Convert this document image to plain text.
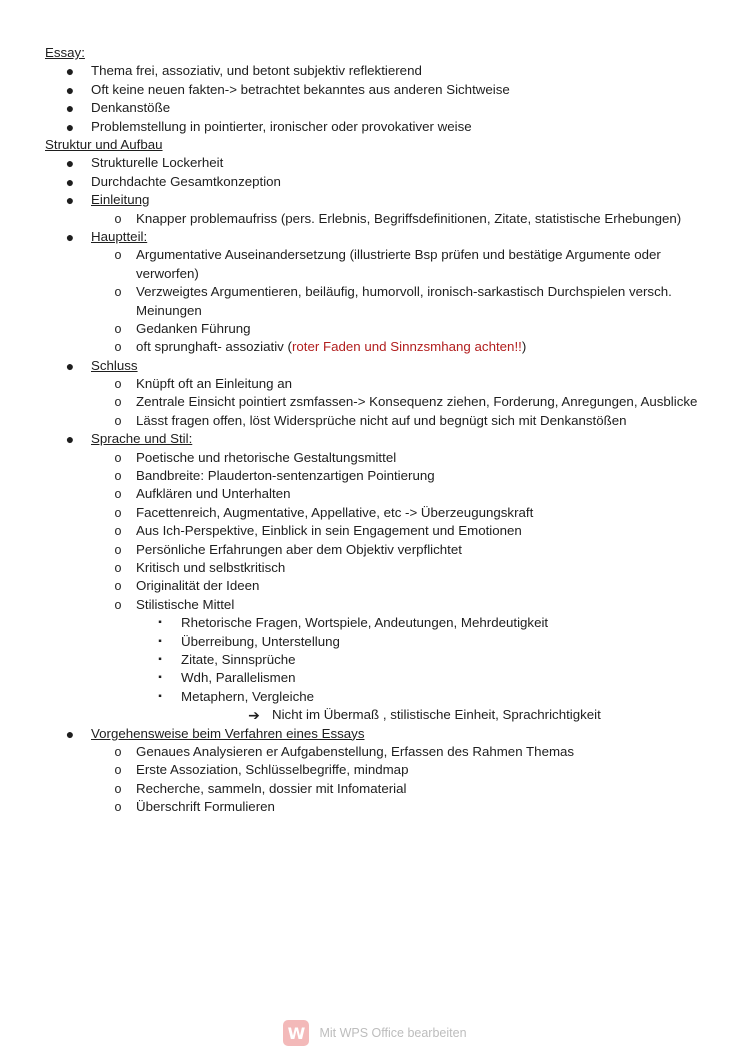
Essay:
●	Thema frei, assoziativ, und betont subjektiv reflektierend
●	Oft keine neuen fakten-> betrachtet bekanntes aus anderen Sichtweise
●	Denkanstöße
●	Problemstellung in pointierter, ironischer oder provokativer weise
Struktur und Aufbau
●	Strukturelle Lockerheit
●	Durchdachte Gesamtkonzeption
●	Einleitung
o	Knapper problemaufriss (pers. Erlebnis, Begriffsdefinitionen, Zitate, statistische Erhebungen)
●	Hauptteil:
o	Argumentative Auseinandersetzung (illustrierte Bsp prüfen und bestätige Argumente oder verworfen)
o	Verzweigtes Argumentieren, beiläufig, humorvoll, ironisch-sarkastisch Durchspielen versch. Meinungen
o	Gedanken Führung
o	oft sprunghaft- assoziativ (roter Faden und Sinnzsmhang achten!!)
●	Schluss
o	Knüpft oft an Einleitung an
o	Zentrale Einsicht pointiert zsmfassen-> Konsequenz ziehen, Forderung, Anregungen, Ausblicke
o	Lässt fragen offen, löst Widersprüche nicht auf und begnügt sich mit Denkanstößen
●	Sprache und Stil:
o	Poetische und rhetorische Gestaltungsmittel
o	Bandbreite: Plauderton-sentenzartigen Pointierung
o	Aufklären und Unterhalten
o	Facettenreich, Augmentative, Appellative, etc -> Überzeugungskraft
o	Aus Ich-Perspektive, Einblick in sein Engagement und Emotionen
o	Persönliche Erfahrungen aber dem Objektiv verpflichtet
o	Kritisch und selbstkritisch
o	Originalität der Ideen
o	Stilistische Mittel
▪	Rhetorische Fragen, Wortspiele, Andeutungen, Mehrdeutigkeit
▪	Überreibung, Unterstellung
▪	Zitate, Sinnsprüche
▪	Wdh, Parallelismen
▪	Metaphern, Vergleiche
➔ Nicht im Übermaß , stilistische Einheit, Sprachrichtigkeit
●	Vorgehensweise beim Verfahren eines Essays
o	Genaues Analysieren er Aufgabenstellung, Erfassen des Rahmen Themas
o	Erste Assoziation, Schlüsselbegriffe, mindmap
o	Recherche, sammeln, dossier mit Infomaterial
o	Überschrift Formulieren
W	Mit WPS Office bearbeiten
